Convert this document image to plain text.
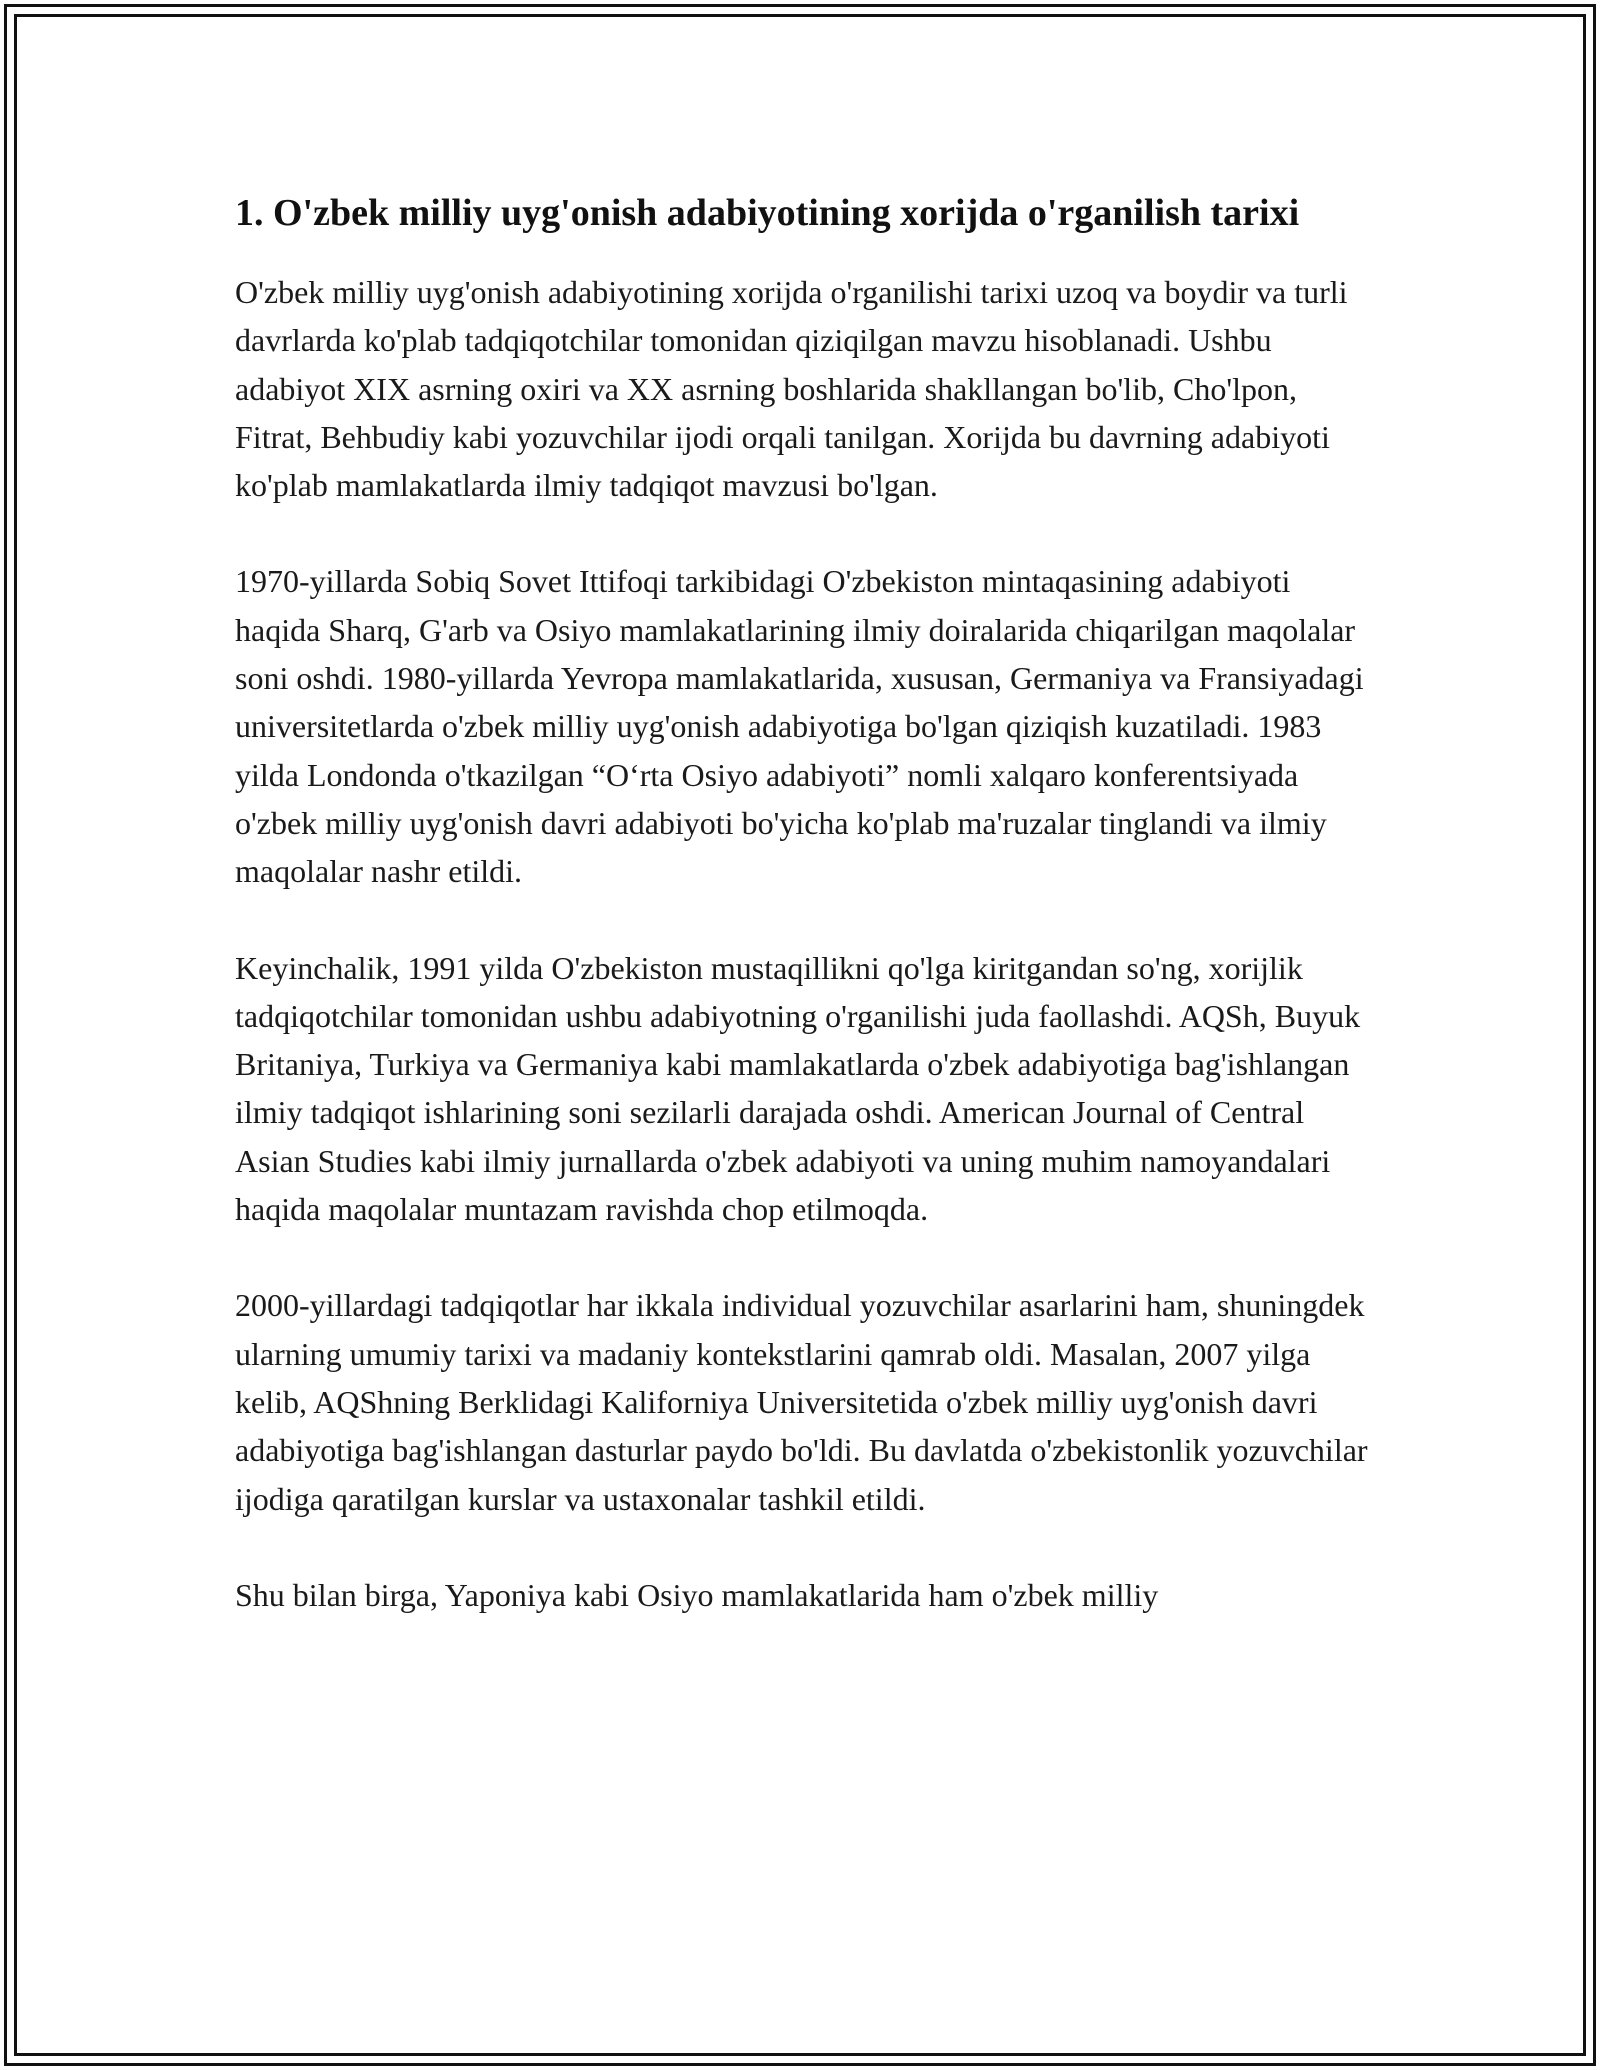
1. O'zbek milliy uyg'onish adabiyotining xorijda o'rganilish tarixi

O'zbek milliy uyg'onish adabiyotining xorijda o'rganilishi tarixi uzoq va boydir va turli davrlarda ko'plab tadqiqotchilar tomonidan qiziqilgan mavzu hisoblanadi. Ushbu adabiyot XIX asrning oxiri va XX asrning boshlarida shakllangan bo'lib, Cho'lpon, Fitrat, Behbudiy kabi yozuvchilar ijodi orqali tanilgan. Xorijda bu davrning adabiyoti ko'plab mamlakatlarda ilmiy tadqiqot mavzusi bo'lgan.

1970-yillarda Sobiq Sovet Ittifoqi tarkibidagi O'zbekiston mintaqasining adabiyoti haqida Sharq, G'arb va Osiyo mamlakatlarining ilmiy doiralarida chiqarilgan maqolalar soni oshdi. 1980-yillarda Yevropa mamlakatlarida, xususan, Germaniya va Fransiyadagi universitetlarda o'zbek milliy uyg'onish adabiyotiga bo'lgan qiziqish kuzatiladi. 1983 yilda Londonda o'tkazilgan “O‘rta Osiyo adabiyoti” nomli xalqaro konferentsiyada o'zbek milliy uyg'onish davri adabiyoti bo'yicha ko'plab ma'ruzalar tinglandi va ilmiy maqolalar nashr etildi.

Keyinchalik, 1991 yilda O'zbekiston mustaqillikni qo'lga kiritgandan so'ng, xorijlik tadqiqotchilar tomonidan ushbu adabiyotning o'rganilishi juda faollashdi. AQSh, Buyuk Britaniya, Turkiya va Germaniya kabi mamlakatlarda o'zbek adabiyotiga bag'ishlangan ilmiy tadqiqot ishlarining soni sezilarli darajada oshdi. American Journal of Central Asian Studies kabi ilmiy jurnallarda o'zbek adabiyoti va uning muhim namoyandalari haqida maqolalar muntazam ravishda chop etilmoqda.

2000-yillardagi tadqiqotlar har ikkala individual yozuvchilar asarlarini ham, shuningdek ularning umumiy tarixi va madaniy kontekstlarini qamrab oldi. Masalan, 2007 yilga kelib, AQShning Berklidagi Kaliforniya Universitetida o'zbek milliy uyg'onish davri adabiyotiga bag'ishlangan dasturlar paydo bo'ldi. Bu davlatda o'zbekistonlik yozuvchilar ijodiga qaratilgan kurslar va ustaxonalar tashkil etildi.

Shu bilan birga, Yaponiya kabi Osiyo mamlakatlarida ham o'zbek milliy
